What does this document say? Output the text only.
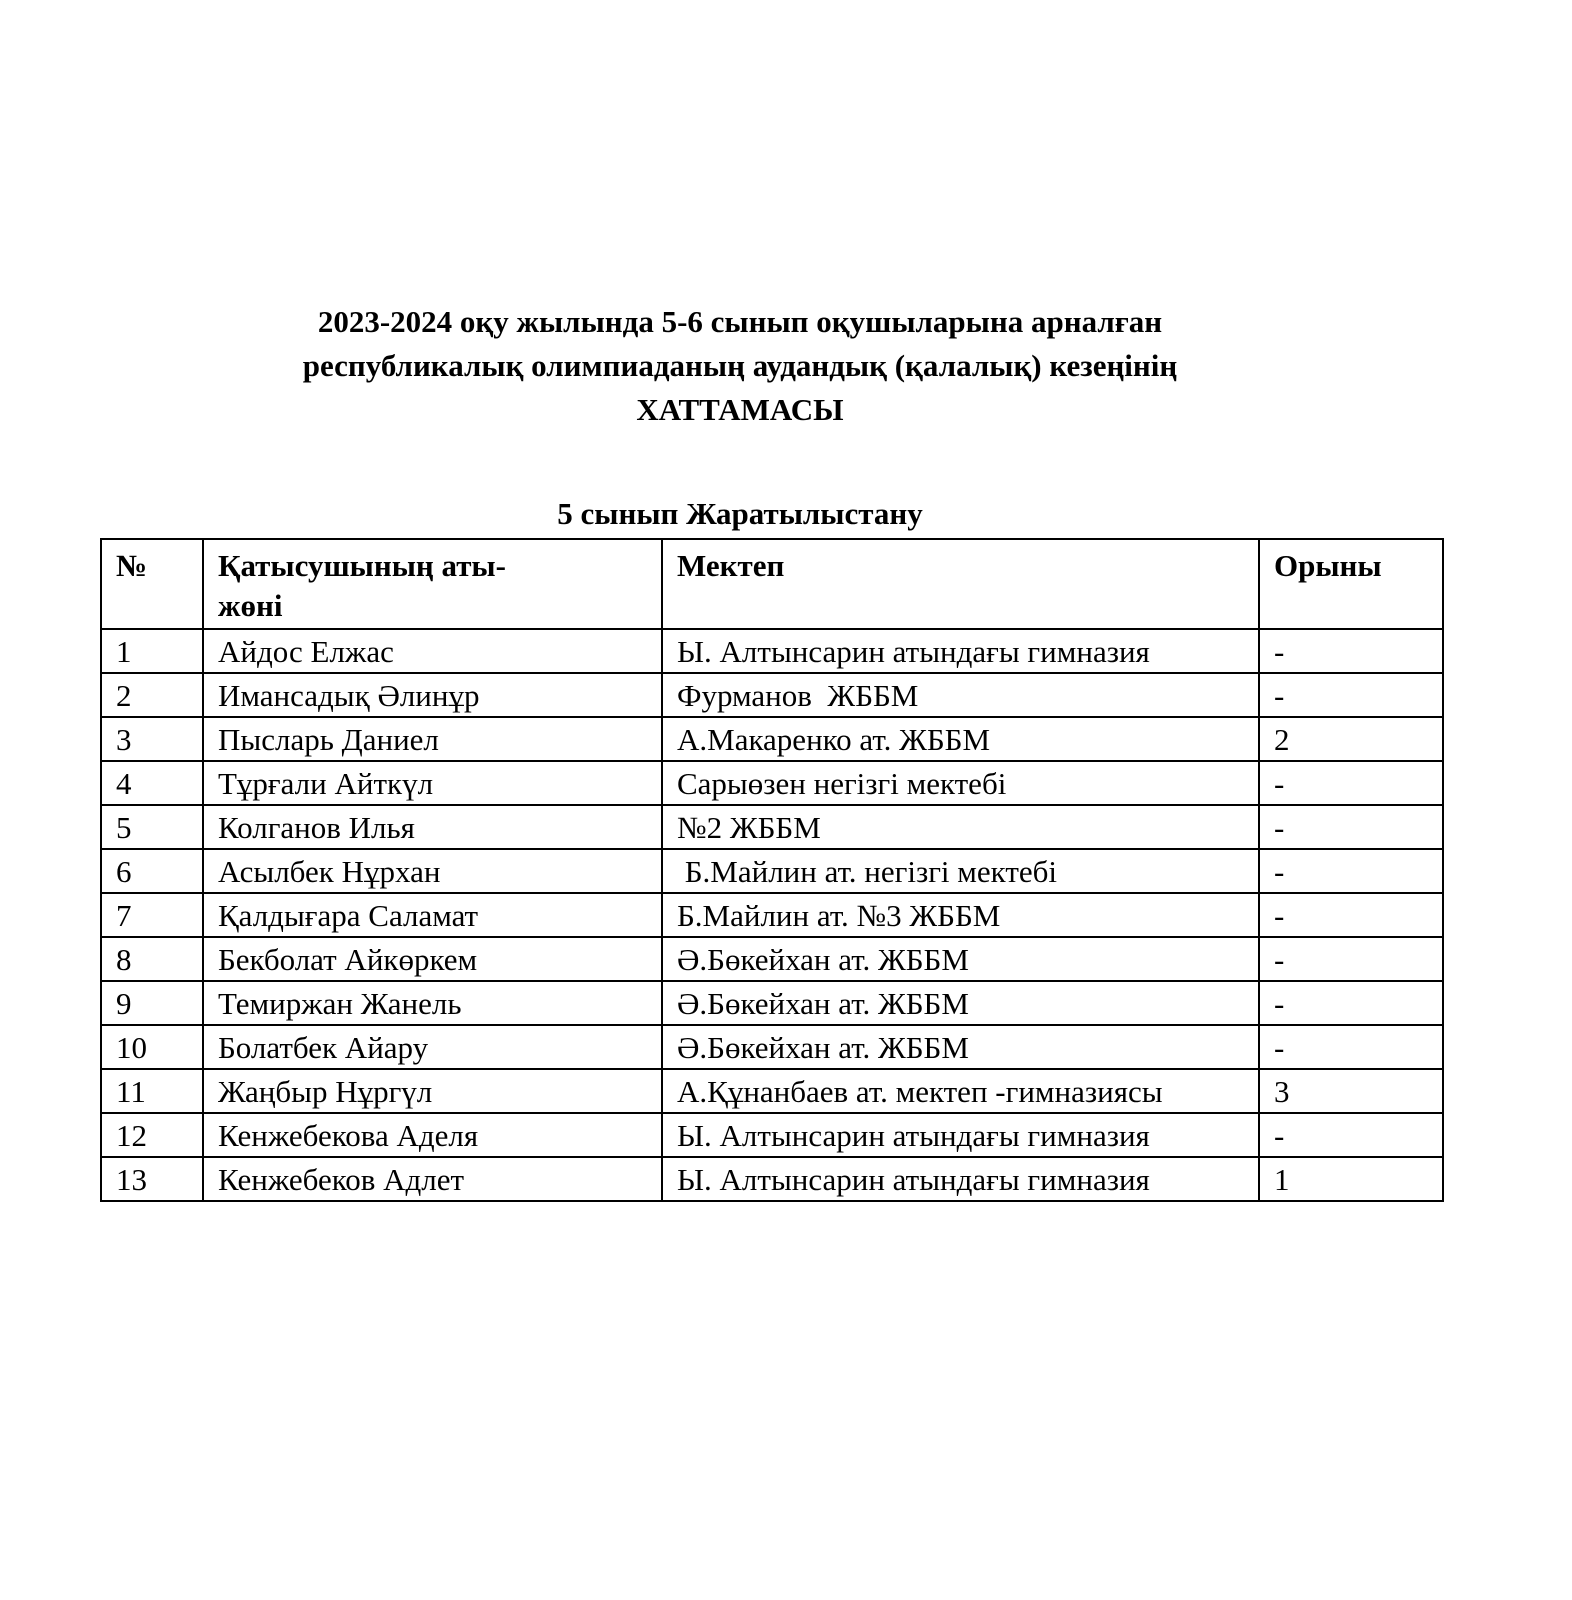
2023-2024 оқу жылында 5-6 сынып оқушыларына арналған
республикалық олимпиаданың аудандық (қалалық) кезеңінің
ХАТТАМАСЫ
5 сынып Жаратылыстану
№	Қатысушының аты-жөні	Мектеп	Орыны
1	Айдос Елжас	Ы. Алтынсарин атындағы гимназия	-
2	Имансадық Әлинұр	Фурманов  ЖББМ	-
3	Пысларь Даниел	А.Макаренко ат. ЖББМ	2
4	Тұрғали Айткүл	Сарыөзен негізгі мектебі	-
5	Колганов Илья	№2 ЖББМ	-
6	Асылбек Нұрхан	Б.Майлин ат. негізгі мектебі	-
7	Қалдығара Саламат	Б.Майлин ат. №3 ЖББМ	-
8	Бекболат Айкөркем	Ә.Бөкейхан ат. ЖББМ	-
9	Темиржан Жанель	Ә.Бөкейхан ат. ЖББМ	-
10	Болатбек Айару	Ә.Бөкейхан ат. ЖББМ	-
11	Жаңбыр Нұргүл	А.Құнанбаев ат. мектеп -гимназиясы	3
12	Кенжебекова Аделя	Ы. Алтынсарин атындағы гимназия	-
13	Кенжебеков Адлет	Ы. Алтынсарин атындағы гимназия	1
